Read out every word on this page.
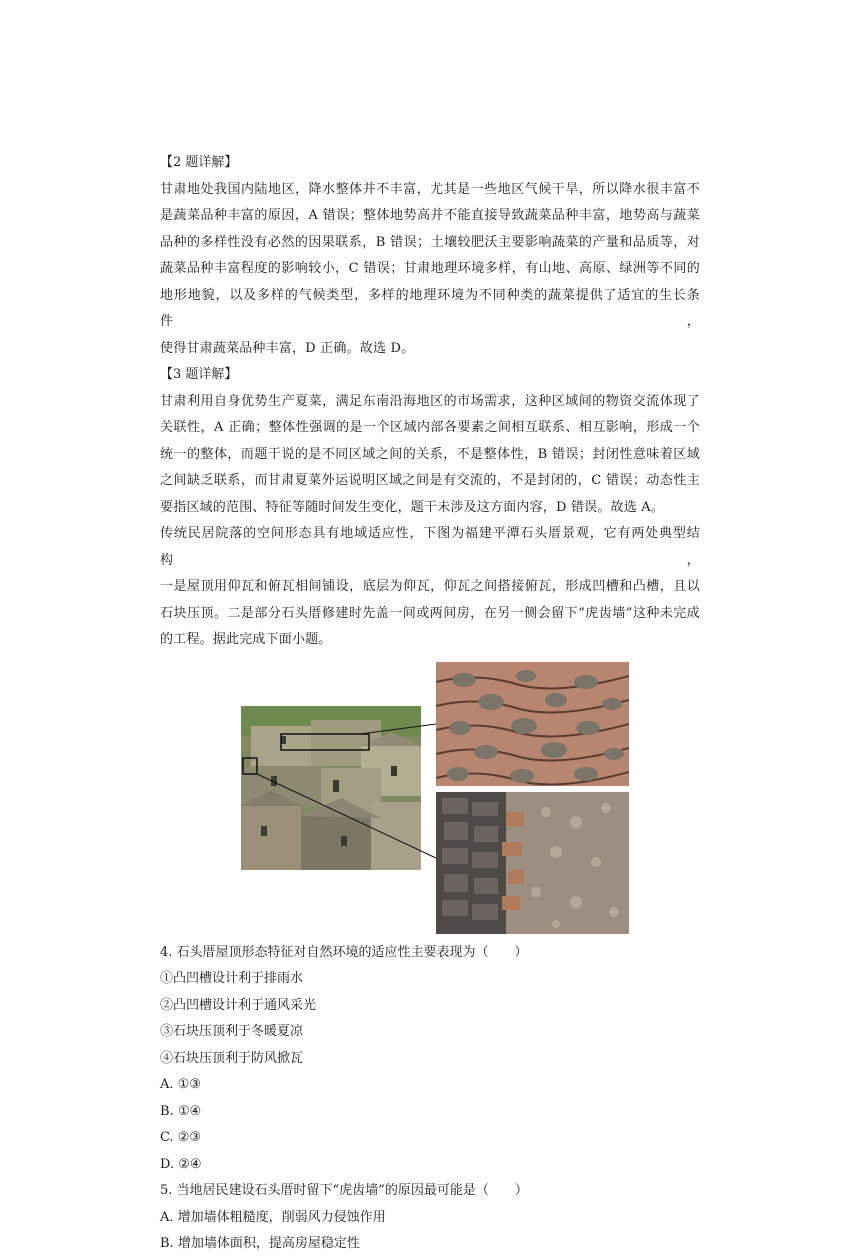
【2 题详解】

甘肃地处我国内陆地区，降水整体并不丰富，尤其是一些地区气候干旱，所以降水很丰富不

是蔬菜品种丰富的原因，A 错误；整体地势高并不能直接导致蔬菜品种丰富，地势高与蔬菜

品种的多样性没有必然的因果联系，B 错误；土壤较肥沃主要影响蔬菜的产量和品质等，对

蔬菜品种丰富程度的影响较小，C 错误；甘肃地理环境多样，有山地、高原、绿洲等不同的

地形地貌，以及多样的气候类型，多样的地理环境为不同种类的蔬菜提供了适宜的生长条件，

使得甘肃蔬菜品种丰富，D 正确。故选 D。

【3 题详解】

甘肃利用自身优势生产夏菜，满足东南沿海地区的市场需求，这种区域间的物资交流体现了

关联性，A 正确；整体性强调的是一个区域内部各要素之间相互联系、相互影响，形成一个

统一的整体，而题干说的是不同区域之间的关系，不是整体性，B 错误；封闭性意味着区域

之间缺乏联系，而甘肃夏菜外运说明区域之间是有交流的，不是封闭的，C 错误；动态性主

要指区域的范围、特征等随时间发生变化，题干未涉及这方面内容，D 错误。故选 A。

传统民居院落的空间形态具有地域适应性，下图为福建平潭石头厝景观，它有两处典型结构，

一是屋顶用仰瓦和俯瓦相间铺设，底层为仰瓦，仰瓦之间搭接俯瓦，形成凹槽和凸槽，且以

石块压顶。二是部分石头厝修建时先盖一间或两间房，在另一侧会留下“虎齿墙”这种未完成

的工程。据此完成下面小题。

4. 石头厝屋顶形态特征对自然环境的适应性主要表现为（　　）

①凸凹槽设计利于排雨水
②凸凹槽设计利于通风采光
③石块压顶利于冬暖夏凉
④石块压顶利于防风掀瓦
A. ①③
B. ①④
C. ②③
D. ②④

5. 当地居民建设石头厝时留下“虎齿墙”的原因最可能是（　　）

A. 增加墙体粗糙度，削弱风力侵蚀作用
B. 增加墙体面积，提高房屋稳定性
